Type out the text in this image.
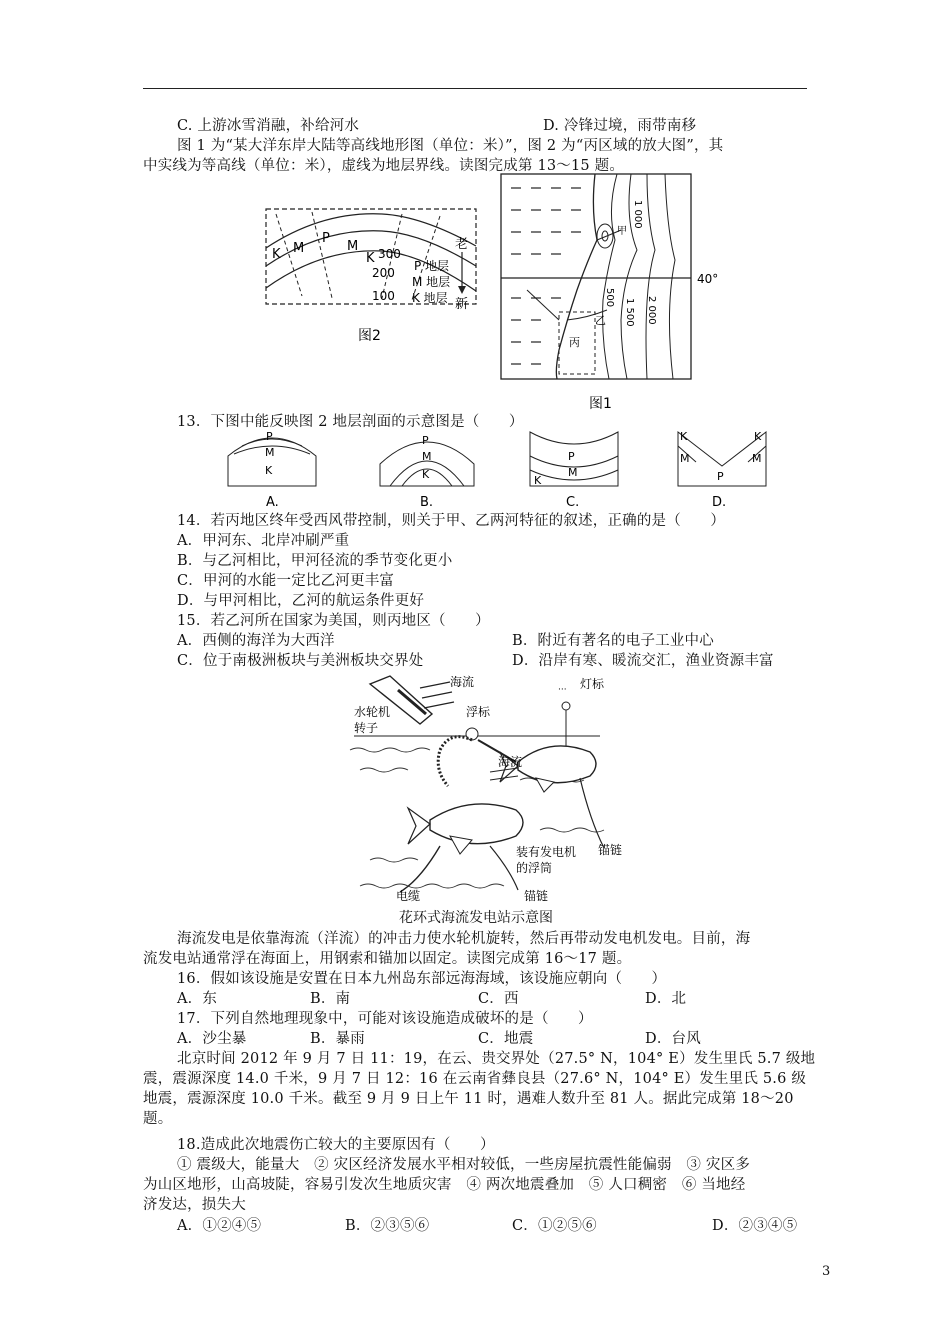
C. 上游冰雪消融，补给河水	D. 冷锋过境，雨带南移
图 1 为“某大洋东岸大陆等高线地形图（单位：米）”，图 2 为“丙区域的放大图”，其
中实线为等高线（单位：米），虚线为地层界线。读图完成第 13～15 题。
K M
P
M
K 300
200
100
老
新
P 地层
M 地层
K 地层
图2
40°
丙
乙
甲
1 000
500
1 500 2 000
图1
13．下图中能反映图 2 地层剖面的示意图是（　　）
P
M
K
A.
P
M
K
B.
P
M
K
C.
K	K
M	M
P
D.
14．若丙地区终年受西风带控制，则关于甲、乙两河特征的叙述，正确的是（　　）
A．甲河东、北岸冲刷严重
B．与乙河相比，甲河径流的季节变化更小
C．甲河的水能一定比乙河更丰富
D．与甲河相比，乙河的航运条件更好
15．若乙河所在国家为美国，则丙地区（　　）
A．西侧的海洋为大西洋	B．附近有著名的电子工业中心
C．位于南极洲板块与美洲板块交界处	D．沿岸有寒、暖流交汇，渔业资源丰富
海流
水轮机
转子
浮标
··· 灯标
海流
锚链
锚链
电缆
装有发电机
的浮筒
花环式海流发电站示意图
海流发电是依靠海流（洋流）的冲击力使水轮机旋转，然后再带动发电机发电。目前，海
流发电站通常浮在海面上，用钢索和锚加以固定。读图完成第 16～17 题。
16．假如该设施是安置在日本九州岛东部远海海域，该设施应朝向（　　）
A．东	B．南	C．西	D．北
17．下列自然地理现象中，可能对该设施造成破坏的是（　　）
A．沙尘暴	B．暴雨	C．地震	D．台风
北京时间 2012 年 9 月 7 日 11：19，在云、贵交界处（27.5° N，104° E）发生里氏 5.7 级地
震，震源深度 14.0 千米，9 月 7 日 12：16 在云南省彝良县（27.6° N，104° E）发生里氏 5.6 级
地震，震源深度 10.0 千米。截至 9 月 9 日上午 11 时，遇难人数升至 81 人。据此完成第 18～20
题。
18.造成此次地震伤亡较大的主要原因有（　　）
① 震级大，能量大　② 灾区经济发展水平相对较低，一些房屋抗震性能偏弱　③ 灾区多
为山区地形，山高坡陡，容易引发次生地质灾害　④ 两次地震叠加　⑤ 人口稠密　⑥ 当地经
济发达，损失大
A．①②④⑤	B．②③⑤⑥	C．①②⑤⑥	D．②③④⑤
3
